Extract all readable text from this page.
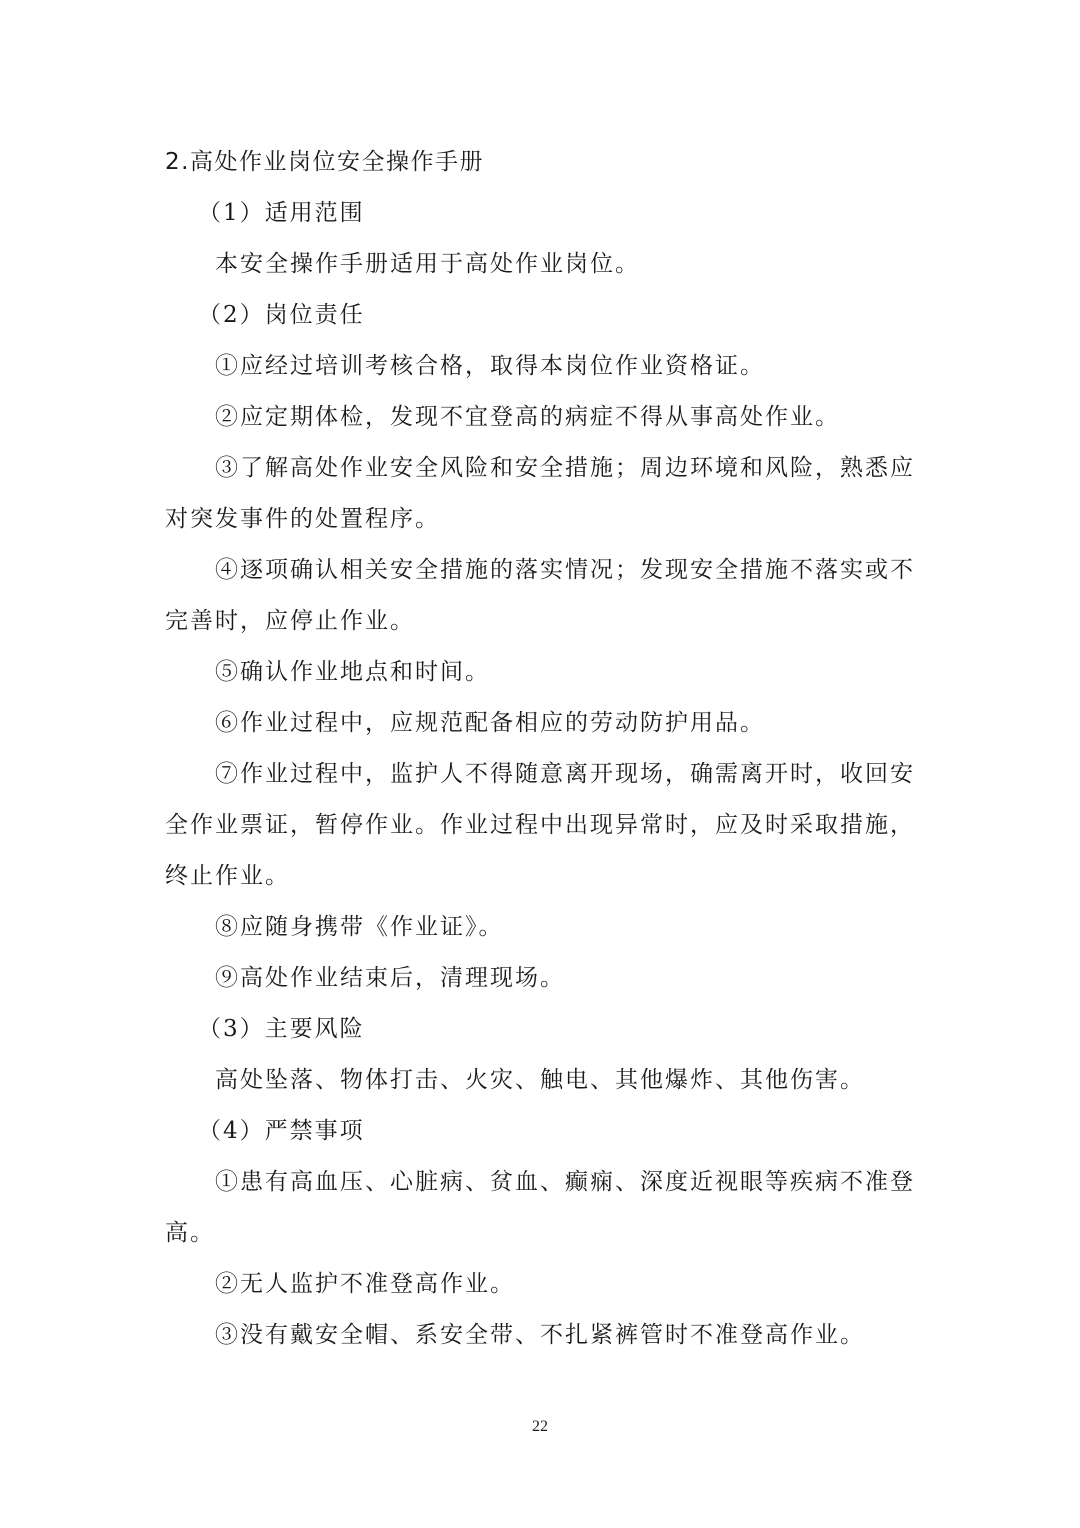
2.高处作业岗位安全操作手册

（1）适用范围

本安全操作手册适用于高处作业岗位。

（2）岗位责任

①应经过培训考核合格，取得本岗位作业资格证。

②应定期体检，发现不宜登高的病症不得从事高处作业。

③了解高处作业安全风险和安全措施；周边环境和风险，熟悉应

对突发事件的处置程序。

④逐项确认相关安全措施的落实情况；发现安全措施不落实或不

完善时，应停止作业。

⑤确认作业地点和时间。

⑥作业过程中，应规范配备相应的劳动防护用品。

⑦作业过程中，监护人不得随意离开现场，确需离开时，收回安

全作业票证，暂停作业。作业过程中出现异常时，应及时采取措施，

终止作业。

⑧应随身携带《作业证》。

⑨高处作业结束后，清理现场。

（3）主要风险

高处坠落、物体打击、火灾、触电、其他爆炸、其他伤害。

（4）严禁事项

①患有高血压、心脏病、贫血、癫痫、深度近视眼等疾病不准登

高。

②无人监护不准登高作业。

③没有戴安全帽、系安全带、不扎紧裤管时不准登高作业。

22
